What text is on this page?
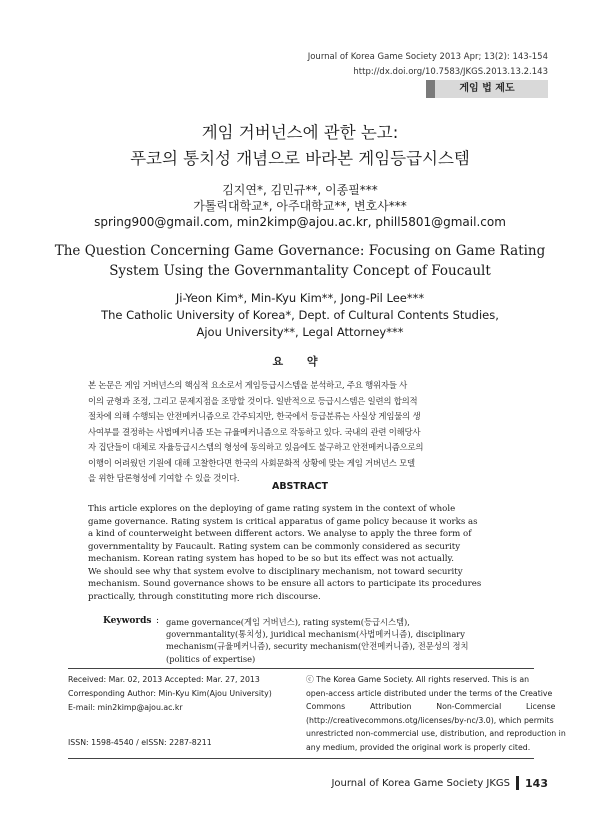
Journal of Korea Game Society 2013 Apr; 13(2): 143-154
http://dx.doi.org/10.7583/JKGS.2013.13.2.143
게임 법 제도
게임 거버넌스에 관한 논고:
푸코의 통치성 개념으로 바라본 게임등급시스템
김지연*, 김민규**, 이종필***
가톨릭대학교*, 아주대학교**, 변호사***
spring900@gmail.com, min2kimp@ajou.ac.kr, phill5801@gmail.com
The Question Concerning Game Governance: Focusing on Game Rating
System Using the Governmantality Concept of Foucault
Ji-Yeon Kim*, Min-Kyu Kim**, Jong-Pil Lee***
The Catholic University of Korea*, Dept. of Cultural Contents Studies,
Ajou University**, Legal Attorney***
요 약
본 논문은 게임 거버넌스의 핵심적 요소로서 게임등급시스템을 분석하고, 주요 행위자들 사
이의 균형과 조정, 그리고 문제지점을 조망할 것이다. 일반적으로 등급시스템은 일련의 합의적
절차에 의해 수행되는 안전메커니즘으로 간주되지만, 한국에서 등급분류는 사실상 게임물의 생
사여부를 결정하는 사법메커니즘 또는 규율메커니즘으로 작동하고 있다. 국내의 관련 이해당사
자 집단들이 대체로 자율등급시스템의 형성에 동의하고 있음에도 불구하고 안전메커니즘으로의
이행이 어려웠던 기원에 대해 고찰한다면 한국의 사회문화적 상황에 맞는 게임 거버넌스 모델
을 위한 담론형성에 기여할 수 있을 것이다.
ABSTRACT
This article explores on the deploying of game rating system in the context of whole
game governance. Rating system is critical apparatus of game policy because it works as
a kind of counterweight between different actors. We analyse to apply the three form of
governmentality by Faucault. Rating system can be commonly considered as security
mechanism. Korean rating system has hoped to be so but its effect was not actually.
We should see why that system evolve to disciplinary mechanism, not toward security
mechanism. Sound governance shows to be ensure all actors to participate its procedures
practically, through constituting more rich discourse.
Keywords : game governance(게임 거버넌스), rating system(등급시스템),
governmantality(통치성), juridical mechanism(사법메커니즘), disciplinary
mechanism(규율메커니즘), security mechanism(안전메커니즘), 전문성의 정치
(politics of expertise)
Received: Mar. 02, 2013 Accepted: Mar. 27, 2013
Corresponding Author: Min-Kyu Kim(Ajou University)
E-mail: min2kimp@ajou.ac.kr
ISSN: 1598-4540 / eISSN: 2287-8211
ⓒ The Korea Game Society. All rights reserved. This is an
open-access article distributed under the terms of the Creative
Commons          Attribution          Non-Commercial          License
(http://creativecommons.otg/licenses/by-nc/3.0), which permits
unrestricted non-commercial use, distribution, and reproduction in
any medium, provided the original work is properly cited.
Journal of Korea Game Society JKGS 143
